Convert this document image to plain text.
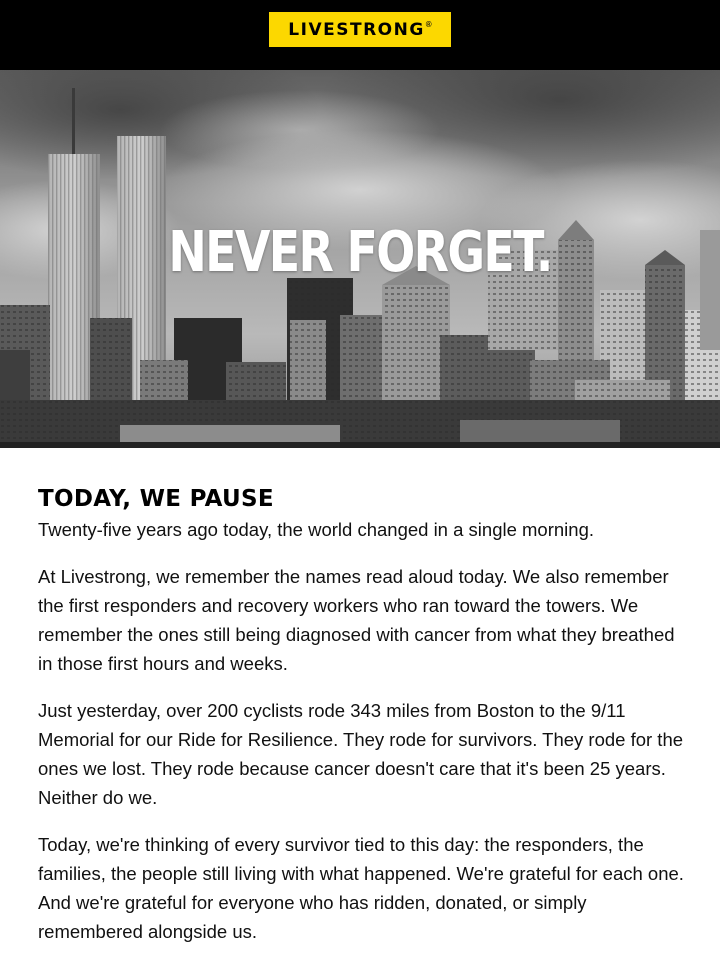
LIVESTRONG ®
NEVER FORGET.
TODAY, WE PAUSE

Twenty-five years ago today, the world changed in a single morning.

At Livestrong, we remember the names read aloud today. We also remember the first responders and recovery workers who ran toward the towers. We remember the ones still being diagnosed with cancer from what they breathed in those first hours and weeks.

Just yesterday, over 200 cyclists rode 343 miles from Boston to the 9/11 Memorial for our Ride for Resilience. They rode for survivors. They rode for the ones we lost. They rode because cancer doesn't care that it's been 25 years. Neither do we.

Today, we're thinking of every survivor tied to this day: the responders, the families, the people still living with what happened. We're grateful for each one. And we're grateful for everyone who has ridden, donated, or simply remembered alongside us.
